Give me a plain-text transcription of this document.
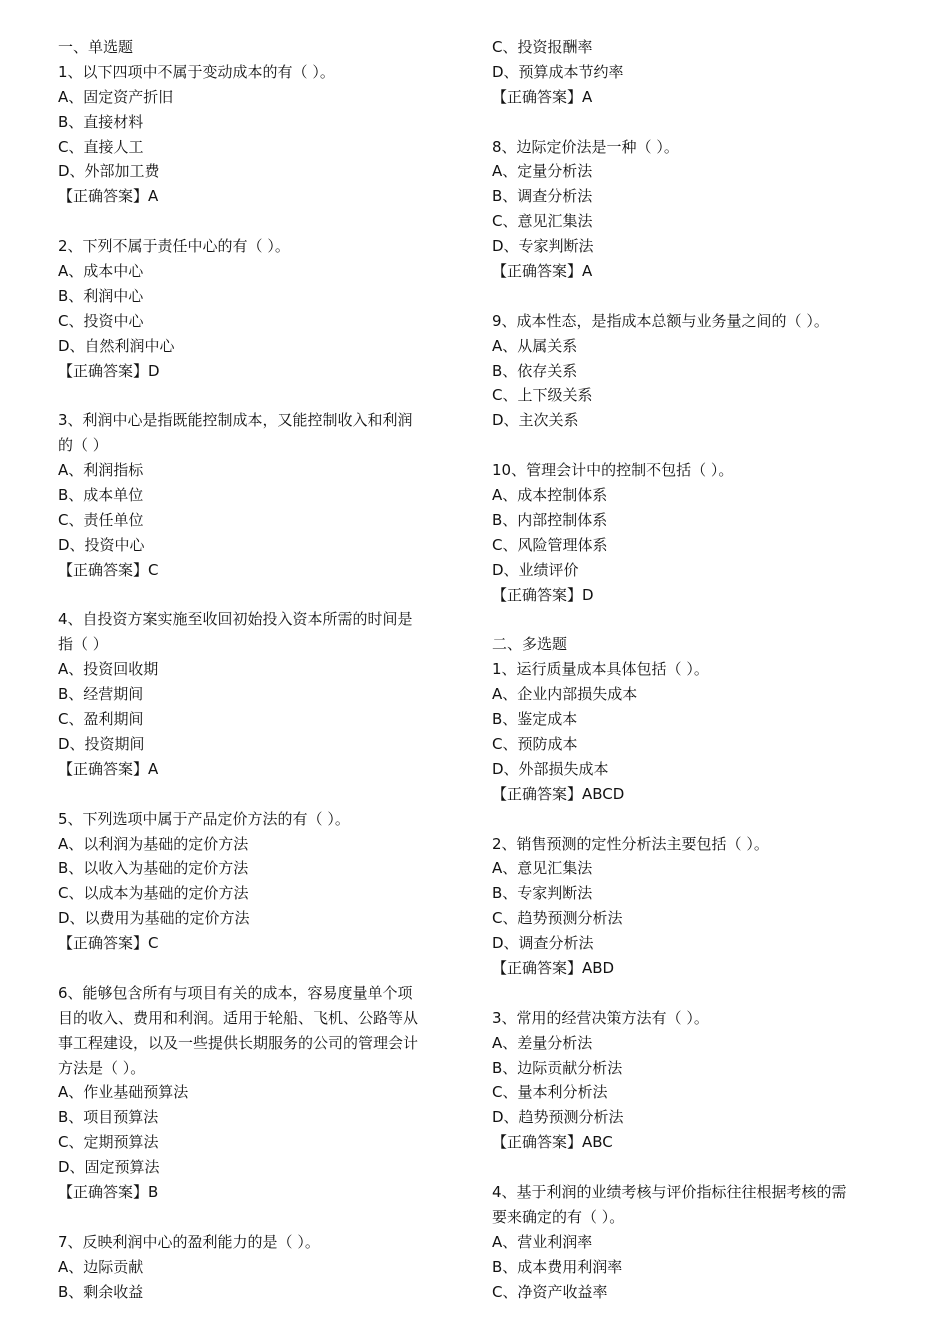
一、单选题
1、以下四项中不属于变动成本的有（ ）。
A、固定资产折旧
B、直接材料
C、直接人工
D、外部加工费
【正确答案】A
2、下列不属于责任中心的有（ ）。
A、成本中心
B、利润中心
C、投资中心
D、自然利润中心
【正确答案】D
3、利润中心是指既能控制成本，又能控制收入和利润
的（ ）
A、利润指标
B、成本单位
C、责任单位
D、投资中心
【正确答案】C
4、自投资方案实施至收回初始投入资本所需的时间是
指（ ）
A、投资回收期
B、经营期间
C、盈利期间
D、投资期间
【正确答案】A
5、下列选项中属于产品定价方法的有（ ）。
A、以利润为基础的定价方法
B、以收入为基础的定价方法
C、以成本为基础的定价方法
D、以费用为基础的定价方法
【正确答案】C
6、能够包含所有与项目有关的成本，容易度量单个项
目的收入、费用和利润。适用于轮船、飞机、公路等从
事工程建设，以及一些提供长期服务的公司的管理会计
方法是（ ）。
A、作业基础预算法
B、项目预算法
C、定期预算法
D、固定预算法
【正确答案】B
7、反映利润中心的盈利能力的是（ ）。
A、边际贡献
B、剩余收益
C、投资报酬率
D、预算成本节约率
【正确答案】A
8、边际定价法是一种（ ）。
A、定量分析法
B、调查分析法
C、意见汇集法
D、专家判断法
【正确答案】A
9、成本性态，是指成本总额与业务量之间的（ ）。
A、从属关系
B、依存关系
C、上下级关系
D、主次关系
10、管理会计中的控制不包括（ ）。
A、成本控制体系
B、内部控制体系
C、风险管理体系
D、业绩评价
【正确答案】D
二、多选题
1、运行质量成本具体包括（ ）。
A、企业内部损失成本
B、鉴定成本
C、预防成本
D、外部损失成本
【正确答案】ABCD
2、销售预测的定性分析法主要包括（ ）。
A、意见汇集法
B、专家判断法
C、趋势预测分析法
D、调查分析法
【正确答案】ABD
3、常用的经营决策方法有（ ）。
A、差量分析法
B、边际贡献分析法
C、量本利分析法
D、趋势预测分析法
【正确答案】ABC
4、基于利润的业绩考核与评价指标往往根据考核的需
要来确定的有（ ）。
A、营业利润率
B、成本费用利润率
C、净资产收益率
